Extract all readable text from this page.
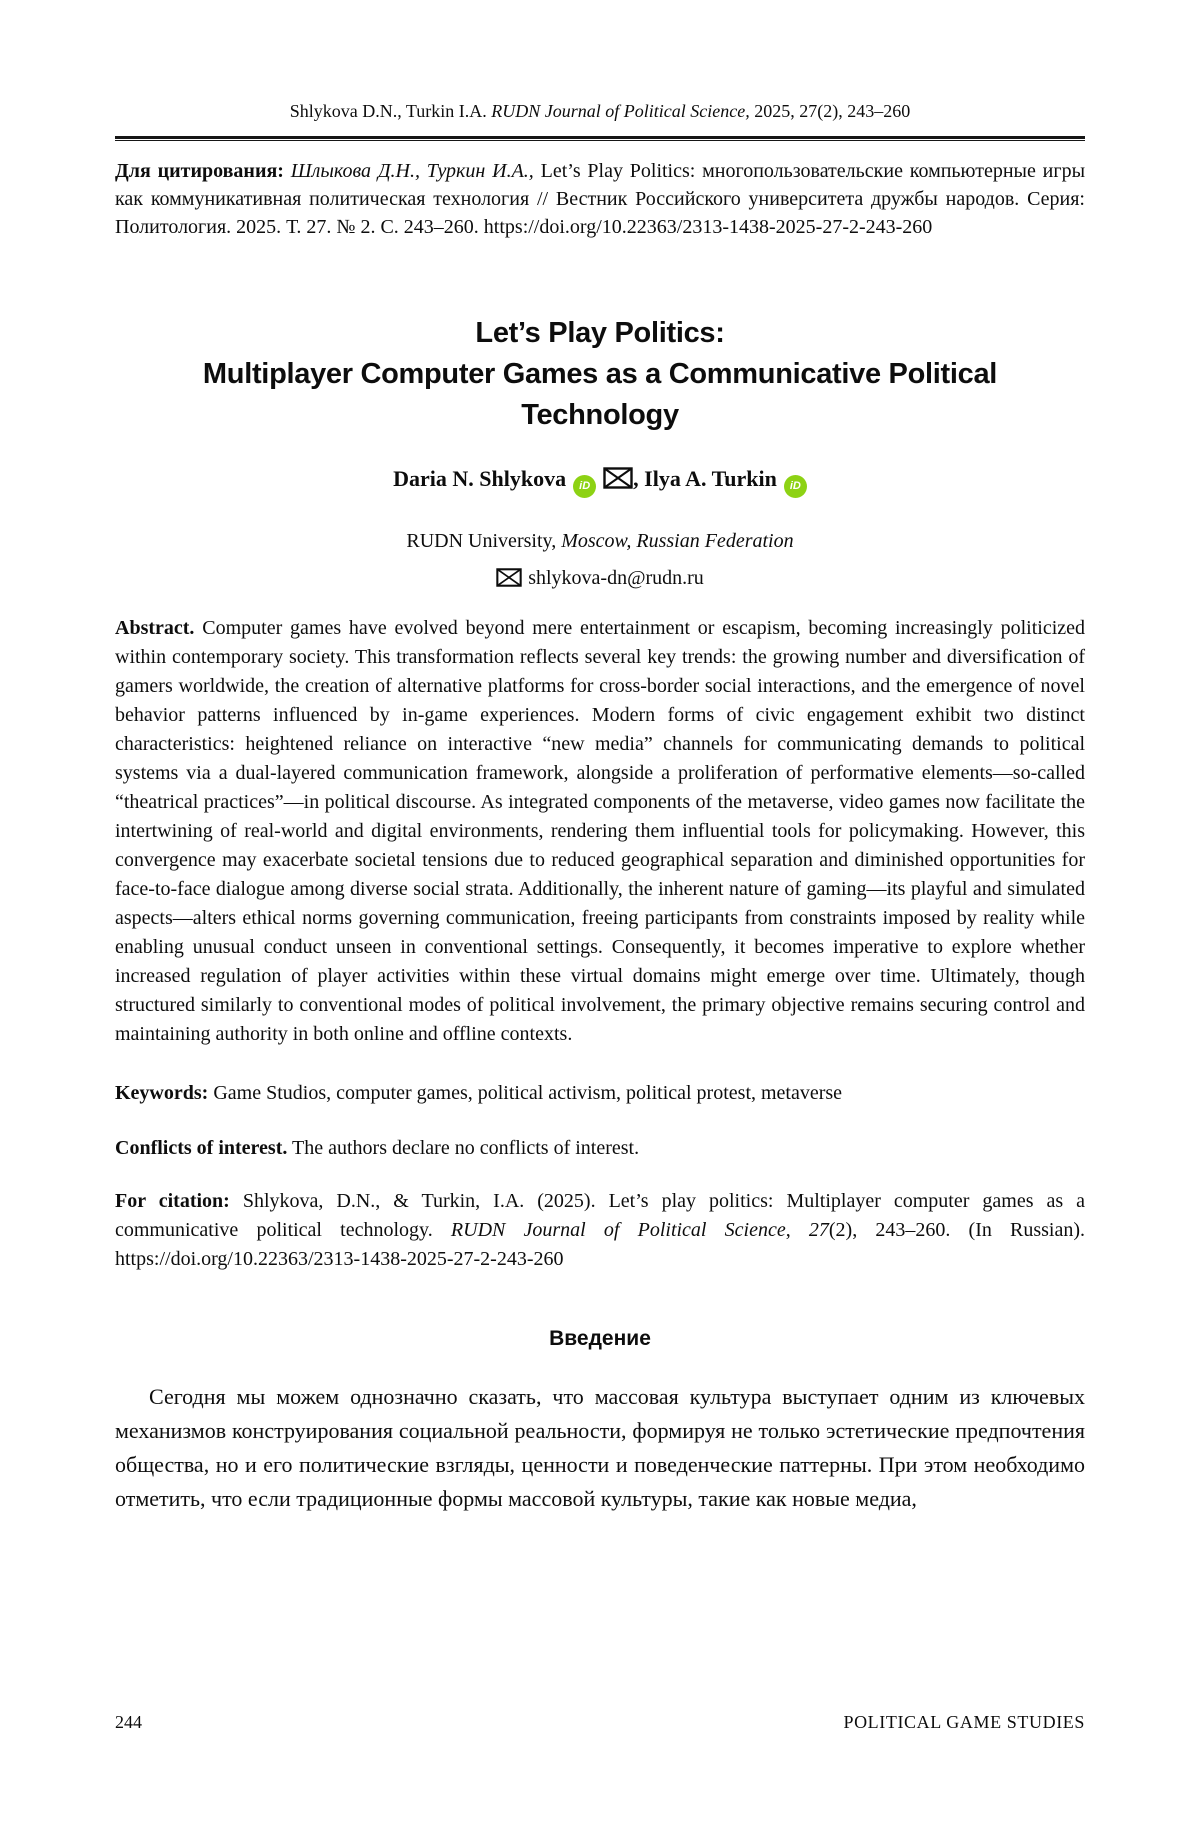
Shlykova D.N., Turkin I.A. RUDN Journal of Political Science, 2025, 27(2), 243–260

Для цитирования: Шлыкова Д.Н., Туркин И.А., Let’s Play Politics: многопользовательские компьютерные игры как коммуникативная политическая технология // Вестник Российского университета дружбы народов. Серия: Политология. 2025. Т. 27. № 2. С. 243–260. https://doi.org/10.22363/2313-1438-2025-27-2-243-260

Let’s Play Politics:
Multiplayer Computer Games as a Communicative Political
Technology
Daria N. Shlykova iD , Ilya A. Turkin iD
RUDN University, Moscow, Russian Federation
shlykova-dn@rudn.ru

Abstract. Computer games have evolved beyond mere entertainment or escapism, becoming increasingly politicized within contemporary society. This transformation reflects several key trends: the growing number and diversification of gamers worldwide, the creation of alternative platforms for cross-border social interactions, and the emergence of novel behavior patterns influenced by in-game experiences. Modern forms of civic engagement exhibit two distinct characteristics: heightened reliance on interactive “new media” channels for communicating demands to political systems via a dual-layered communication framework, alongside a proliferation of performative elements—so-called “theatrical practices”—in political discourse. As integrated components of the metaverse, video games now facilitate the intertwining of real-world and digital environments, rendering them influential tools for policymaking. However, this convergence may exacerbate societal tensions due to reduced geographical separation and diminished opportunities for face-to-face dialogue among diverse social strata. Additionally, the inherent nature of gaming—its playful and simulated aspects—alters ethical norms governing communication, freeing participants from constraints imposed by reality while enabling unusual conduct unseen in conventional settings. Consequently, it becomes imperative to explore whether increased regulation of player activities within these virtual domains might emerge over time. Ultimately, though structured similarly to conventional modes of political involvement, the primary objective remains securing control and maintaining authority in both online and offline contexts.

Keywords: Game Studios, computer games, political activism, political protest, metaverse

Conflicts of interest. The authors declare no conflicts of interest.

For citation: Shlykova, D.N., & Turkin, I.A. (2025). Let’s play politics: Multiplayer computer games as a communicative political technology. RUDN Journal of Political Science, 27(2), 243–260. (In Russian). https://doi.org/10.22363/2313-1438-2025-27-2-243-260

Введение

Сегодня мы можем однозначно сказать, что массовая культура выступает одним из ключевых механизмов конструирования социальной реальности, формируя не только эстетические предпочтения общества, но и его политические взгляды, ценности и поведенческие паттерны. При этом необходимо отметить, что если традиционные формы массовой культуры, такие как новые медиа,

244	POLITICAL GAME STUDIES
